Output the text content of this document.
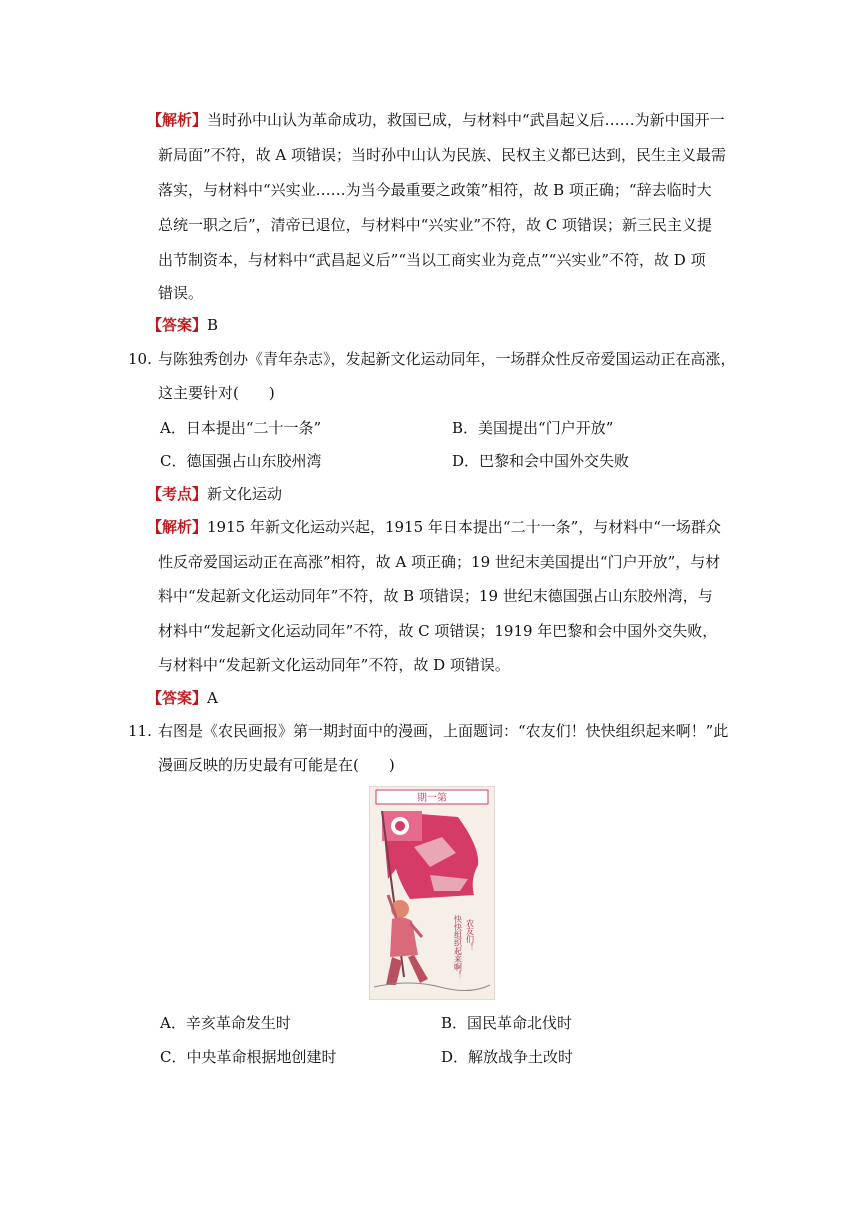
【解析】当时孙中山认为革命成功，救国已成，与材料中“武昌起义后……为新中国开一
新局面”不符，故 A 项错误；当时孙中山认为民族、民权主义都已达到，民生主义最需
落实，与材料中“兴实业……为当今最重要之政策”相符，故 B 项正确；“辞去临时大
总统一职之后”，清帝已退位，与材料中“兴实业”不符，故 C 项错误；新三民主义提
出节制资本，与材料中“武昌起义后”“当以工商实业为竞点”“兴实业”不符，故 D 项
错误。
【答案】B
10. 与陈独秀创办《青年杂志》，发起新文化运动同年，一场群众性反帝爱国运动正在高涨，
这主要针对(　　)
A．日本提出“二十一条”	B．美国提出“门户开放”
C．德国强占山东胶州湾	D．巴黎和会中国外交失败
【考点】新文化运动
【解析】1915 年新文化运动兴起，1915 年日本提出“二十一条”，与材料中“一场群众
性反帝爱国运动正在高涨”相符，故 A 项正确；19 世纪末美国提出“门户开放”，与材
料中“发起新文化运动同年”不符，故 B 项错误；19 世纪末德国强占山东胶州湾，与
材料中“发起新文化运动同年”不符，故 C 项错误；1919 年巴黎和会中国外交失败，
与材料中“发起新文化运动同年”不符，故 D 项错误。
【答案】A
11. 右图是《农民画报》第一期封面中的漫画，上面题词：“农友们！快快组织起来啊！”此
漫画反映的历史最有可能是在(　　)
期一第
农友们！
快快组织起来啊！
A．辛亥革命发生时	B．国民革命北伐时
C．中央革命根据地创建时	D．解放战争土改时
